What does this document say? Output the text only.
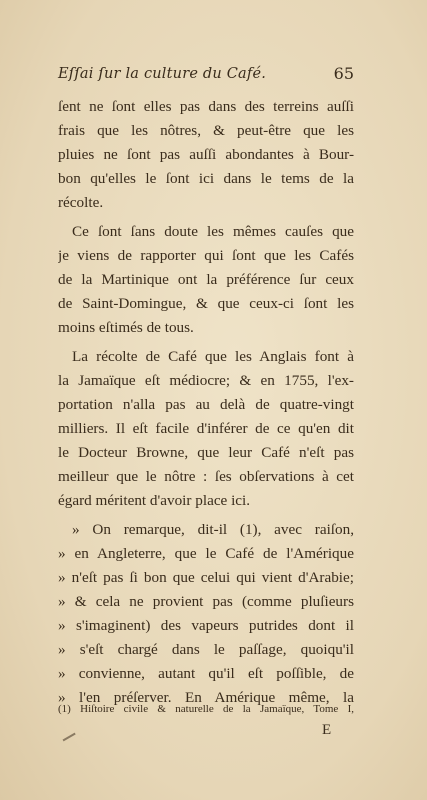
Eſſai ſur la culture du Café.	65
ſent ne ſont elles pas dans des terreins auſſi
frais que les nôtres, & peut-être que les
pluies ne ſont pas auſſi abondantes à Bour-
bon qu'elles le ſont ici dans le tems de la
récolte.
Ce ſont ſans doute les mêmes cauſes que
je viens de rapporter qui ſont que les Cafés
de la Martinique ont la préférence ſur ceux
de Saint-Domingue, & que ceux-ci ſont les
moins eſtimés de tous.
La récolte de Café que les Anglais font à
la Jamaïque eſt médiocre; & en 1755, l'ex-
portation n'alla pas au delà de quatre-vingt
milliers. Il eſt facile d'inférer de ce qu'en dit
le Docteur Browne, que leur Café n'eſt pas
meilleur que le nôtre : ſes obſervations à cet
égard méritent d'avoir place ici.
» On remarque, dit-il (1), avec raiſon,
» en Angleterre, que le Café de l'Amérique
» n'eſt pas ſi bon que celui qui vient d'Arabie;
» & cela ne provient pas (comme pluſieurs
» s'imaginent) des vapeurs putrides dont il
» s'eſt chargé dans le paſſage, quoiqu'il
» convienne, autant qu'il eſt poſſible, de
» l'en préſerver. En Amérique même, la
(1) Hiſtoire civile & naturelle de la Jamaïque, Tome I,
E
